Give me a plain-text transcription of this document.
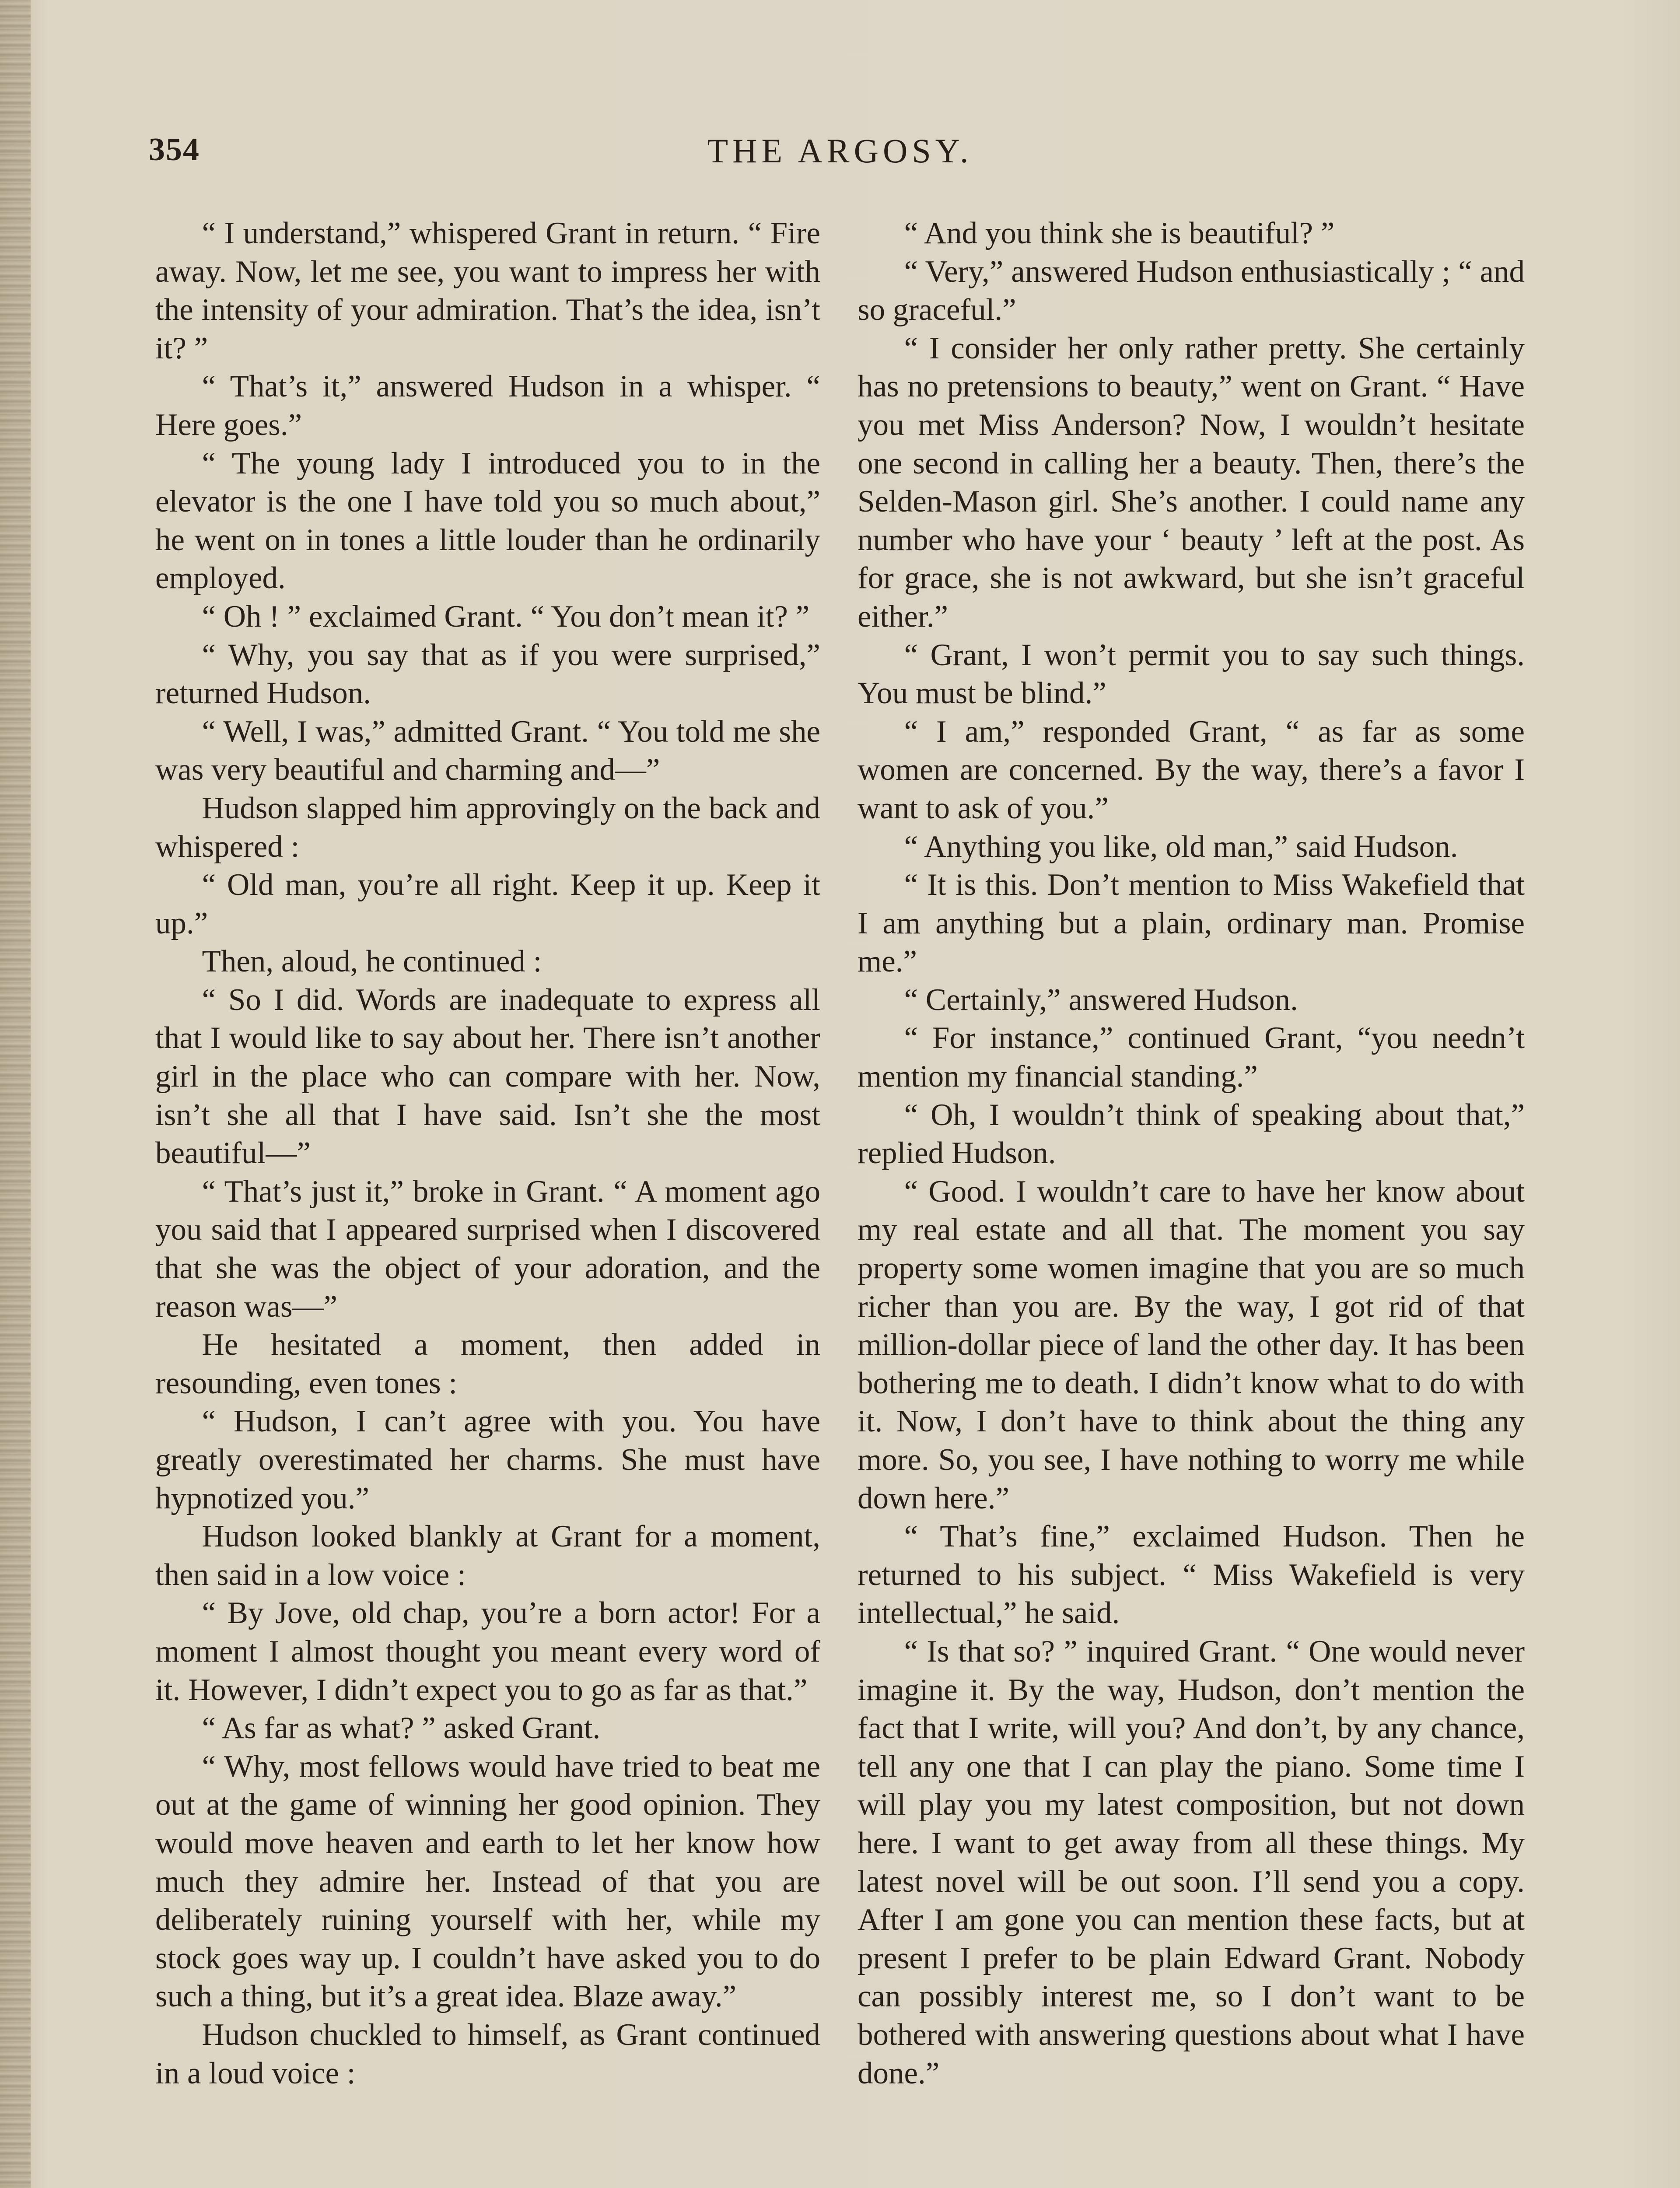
354	THE ARGOSY.

“ I understand,” whispered Grant in return. “ Fire away. Now, let me see, you want to impress her with the intensity of your admiration. That’s the idea, isn’t it? ”

“ That’s it,” answered Hudson in a whisper. “ Here goes.”

“ The young lady I introduced you to in the elevator is the one I have told you so much about,” he went on in tones a little louder than he ordinarily employed.

“ Oh ! ” exclaimed Grant. “ You don’t mean it? ”

“ Why, you say that as if you were surprised,” returned Hudson.

“ Well, I was,” admitted Grant. “ You told me she was very beautiful and charming and—”

Hudson slapped him approvingly on the back and whispered :

“ Old man, you’re all right. Keep it up. Keep it up.”

Then, aloud, he continued :

“ So I did. Words are inadequate to express all that I would like to say about her. There isn’t another girl in the place who can compare with her. Now, isn’t she all that I have said. Isn’t she the most beautiful—”

“ That’s just it,” broke in Grant. “ A moment ago you said that I appeared surprised when I discovered that she was the object of your adoration, and the reason was—”

He hesitated a moment, then added in resounding, even tones :

“ Hudson, I can’t agree with you. You have greatly overestimated her charms. She must have hypnotized you.”

Hudson looked blankly at Grant for a moment, then said in a low voice :

“ By Jove, old chap, you’re a born actor! For a moment I almost thought you meant every word of it. However, I didn’t expect you to go as far as that.”

“ As far as what? ” asked Grant.

“ Why, most fellows would have tried to beat me out at the game of winning her good opinion. They would move heaven and earth to let her know how much they admire her. Instead of that you are deliberately ruining yourself with her, while my stock goes way up. I couldn’t have asked you to do such a thing, but it’s a great idea. Blaze away.”

Hudson chuckled to himself, as Grant continued in a loud voice :

“ And you think she is beautiful? ”

“ Very,” answered Hudson enthusiastically ; “ and so graceful.”

“ I consider her only rather pretty. She certainly has no pretensions to beauty,” went on Grant. “ Have you met Miss Anderson? Now, I wouldn’t hesitate one second in calling her a beauty. Then, there’s the Selden-Mason girl. She’s another. I could name any number who have your ‘ beauty ’ left at the post. As for grace, she is not awkward, but she isn’t graceful either.”

“ Grant, I won’t permit you to say such things. You must be blind.”

“ I am,” responded Grant, “ as far as some women are concerned. By the way, there’s a favor I want to ask of you.”

“ Anything you like, old man,” said Hudson.

“ It is this. Don’t mention to Miss Wakefield that I am anything but a plain, ordinary man. Promise me.”

“ Certainly,” answered Hudson.

“ For instance,” continued Grant, “you needn’t mention my financial standing.”

“ Oh, I wouldn’t think of speaking about that,” replied Hudson.

“ Good. I wouldn’t care to have her know about my real estate and all that. The moment you say property some women imagine that you are so much richer than you are. By the way, I got rid of that million-dollar piece of land the other day. It has been bothering me to death. I didn’t know what to do with it. Now, I don’t have to think about the thing any more. So, you see, I have nothing to worry me while down here.”

“ That’s fine,” exclaimed Hudson. Then he returned to his subject. “ Miss Wakefield is very intellectual,” he said.

“ Is that so? ” inquired Grant. “ One would never imagine it. By the way, Hudson, don’t mention the fact that I write, will you? And don’t, by any chance, tell any one that I can play the piano. Some time I will play you my latest composition, but not down here. I want to get away from all these things. My latest novel will be out soon. I’ll send you a copy. After I am gone you can mention these facts, but at present I prefer to be plain Edward Grant. Nobody can possibly interest me, so I don’t want to be bothered with answering questions about what I have done.”
